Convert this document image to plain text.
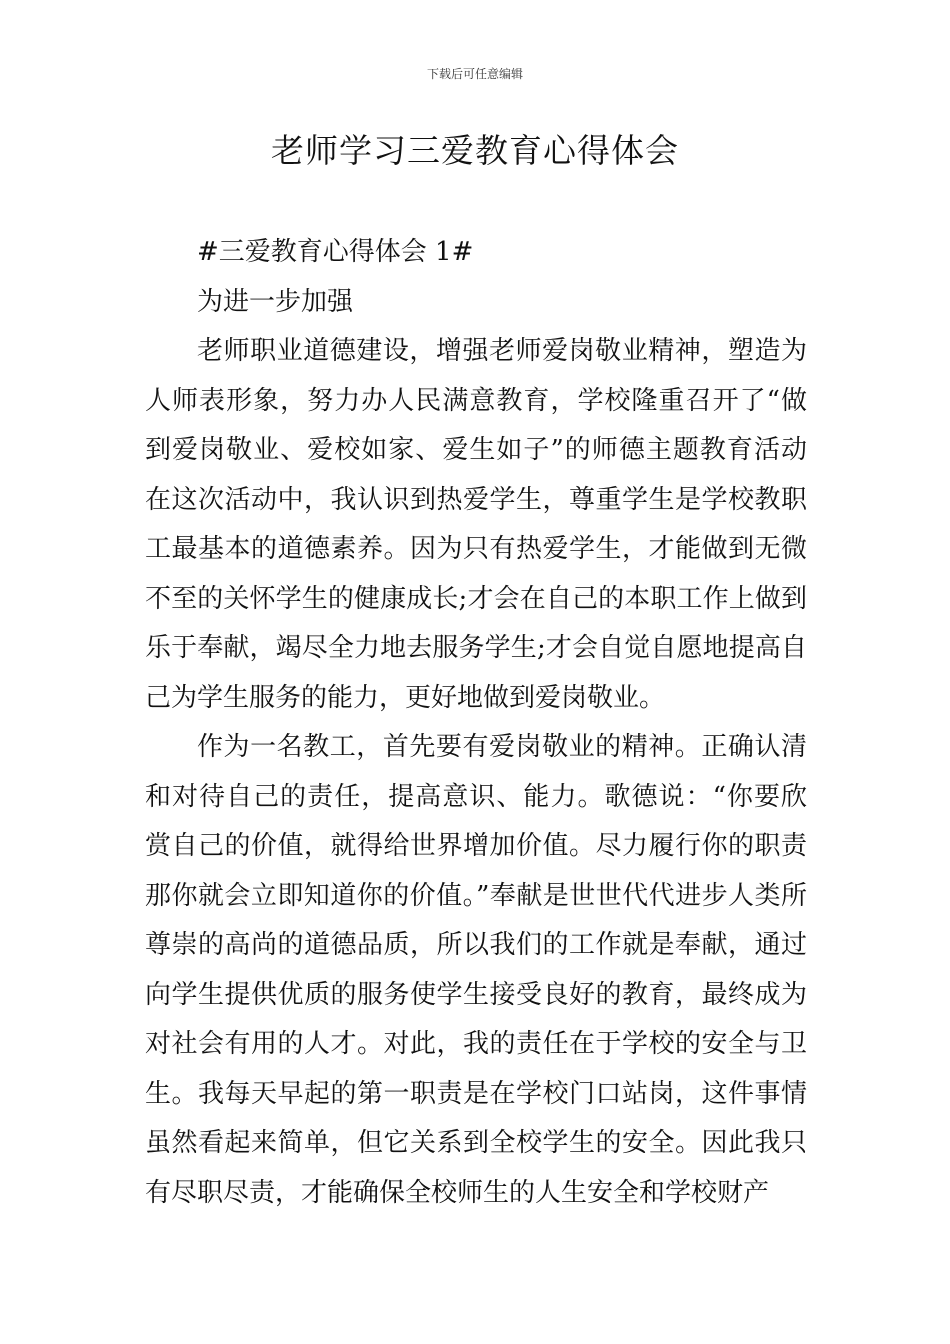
下载后可任意编辑
老师学习三爱教育心得体会

#三爱教育心得体会 1#

为进一步加强

老师职业道德建设，增强老师爱岗敬业精神，塑造为人师表形象，努力办人民满意教育，学校隆重召开了“做到爱岗敬业、爱校如家、爱生如子”的师德主题教育活动在这次活动中，我认识到热爱学生，尊重学生是学校教职工最基本的道德素养。因为只有热爱学生，才能做到无微不至的关怀学生的健康成长;才会在自己的本职工作上做到乐于奉献，竭尽全力地去服务学生;才会自觉自愿地提高自己为学生服务的能力，更好地做到爱岗敬业。

作为一名教工，首先要有爱岗敬业的精神。正确认清和对待自己的责任，提高意识、能力。歌德说：“你要欣赏自己的价值，就得给世界增加价值。尽力履行你的职责那你就会立即知道你的价值。”奉献是世世代代进步人类所尊崇的高尚的道德品质，所以我们的工作就是奉献，通过向学生提供优质的服务使学生接受良好的教育，最终成为对社会有用的人才。对此，我的责任在于学校的安全与卫生。我每天早起的第一职责是在学校门口站岗，这件事情虽然看起来简单，但它关系到全校学生的安全。因此我只有尽职尽责，才能确保全校师生的人生安全和学校财产
